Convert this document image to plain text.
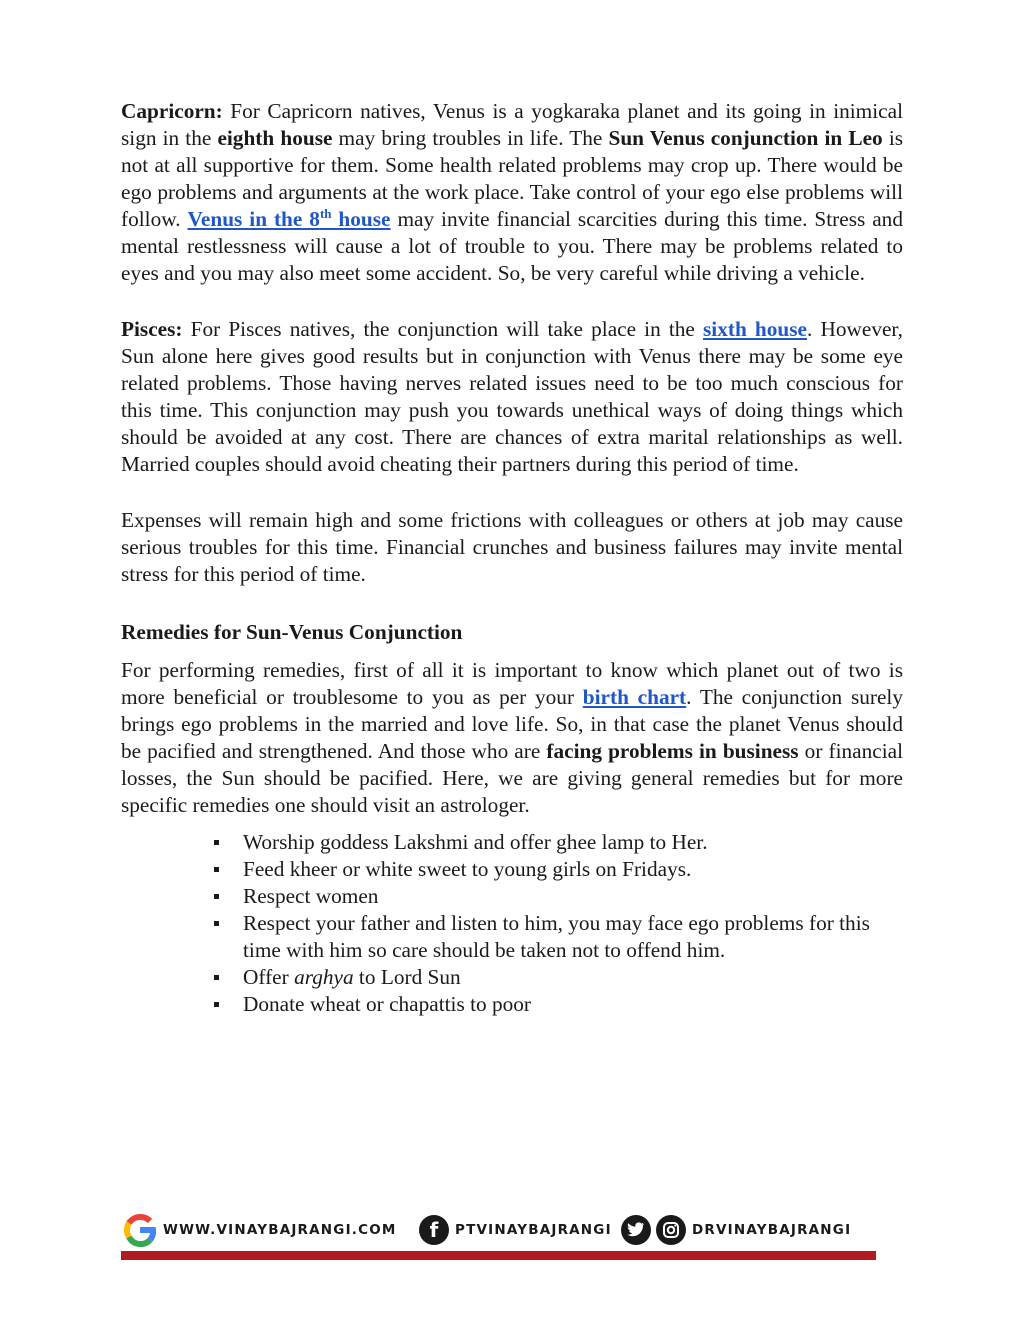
Capricorn: For Capricorn natives, Venus is a yogkaraka planet and its going in inimical sign in the eighth house may bring troubles in life. The Sun Venus conjunction in Leo is not at all supportive for them. Some health related problems may crop up. There would be ego problems and arguments at the work place. Take control of your ego else problems will follow. Venus in the 8th house may invite financial scarcities during this time. Stress and mental restlessness will cause a lot of trouble to you. There may be problems related to eyes and you may also meet some accident. So, be very careful while driving a vehicle.

Pisces: For Pisces natives, the conjunction will take place in the sixth house. However, Sun alone here gives good results but in conjunction with Venus there may be some eye related problems. Those having nerves related issues need to be too much conscious for this time. This conjunction may push you towards unethical ways of doing things which should be avoided at any cost. There are chances of extra marital relationships as well. Married couples should avoid cheating their partners during this period of time.

Expenses will remain high and some frictions with colleagues or others at job may cause serious troubles for this time. Financial crunches and business failures may invite mental stress for this period of time.

Remedies for Sun-Venus Conjunction

For performing remedies, first of all it is important to know which planet out of two is more beneficial or troublesome to you as per your birth chart. The conjunction surely brings ego problems in the married and love life. So, in that case the planet Venus should be pacified and strengthened. And those who are facing problems in business or financial losses, the Sun should be pacified. Here, we are giving general remedies but for more specific remedies one should visit an astrologer.

Worship goddess Lakshmi and offer ghee lamp to Her.
Feed kheer or white sweet to young girls on Fridays.
Respect women
Respect your father and listen to him, you may face ego problems for this time with him so care should be taken not to offend him.
Offer arghya to Lord Sun
Donate wheat or chapattis to poor
WWW.VINAYBAJRANGI.COM f PTVINAYBAJRANGI	DRVINAYBAJRANGI
